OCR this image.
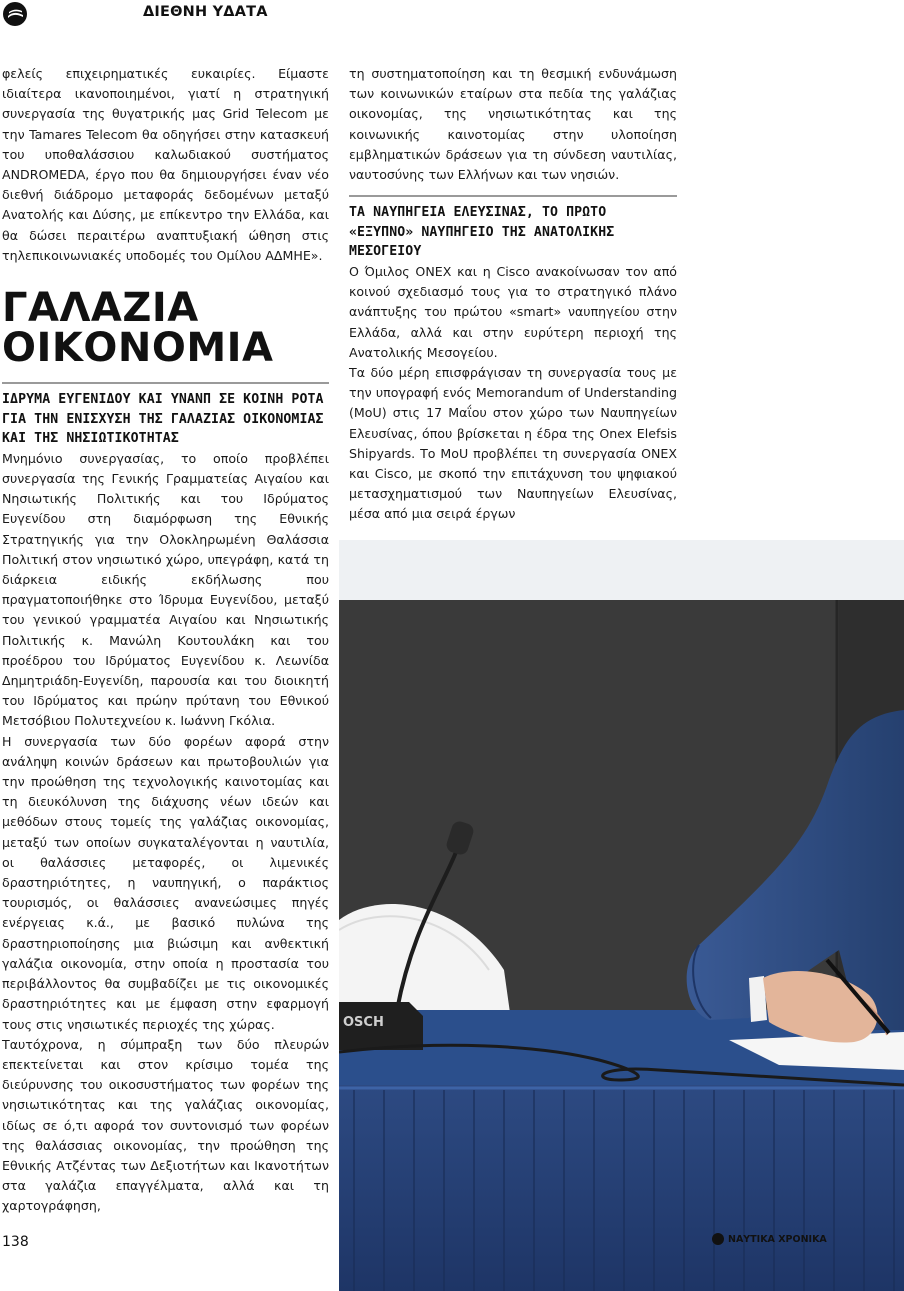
ΔΙΕΘΝΗ ΥΔΑΤΑ

φελείς επιχειρηματικές ευκαιρίες. Είμαστε ιδιαίτερα ικανοποιημένοι, γιατί η στρατηγική συνεργασία της θυγατρικής μας Grid Telecom με την Tamares Telecom θα οδηγήσει στην κατασκευή του υποθαλάσσιου καλωδιακού συστήματος ANDROMEDA, έργο που θα δημιουργήσει έναν νέο διεθνή διάδρομο μεταφοράς δεδομένων μεταξύ Ανατολής και Δύσης, με επίκεντρο την Ελλάδα, και θα δώσει περαιτέρω αναπτυξιακή ώθηση στις τηλεπικοινωνιακές υποδομές του Ομίλου ΑΔΜΗΕ».

ΓΑΛΑΖΙΑ
ΟΙΚΟΝΟΜΙΑ
ΙΔΡΥΜΑ ΕΥΓΕΝΙΔΟΥ ΚΑΙ ΥΝΑΝΠ ΣΕ ΚΟΙΝΗ ΡΟΤΑ ΓΙΑ ΤΗΝ ΕΝΙΣΧΥΣΗ ΤΗΣ ΓΑΛΑΖΙΑΣ ΟΙΚΟΝΟΜΙΑΣ ΚΑΙ ΤΗΣ ΝΗΣΙΩΤΙΚΟΤΗΤΑΣ

Μνημόνιο συνεργασίας, το οποίο προβλέπει συνεργασία της Γενικής Γραμματείας Αιγαίου και Νησιωτικής Πολιτικής και του Ιδρύματος Ευγενίδου στη διαμόρφωση της Εθνικής Στρατηγικής για την Ολοκληρωμένη Θαλάσσια Πολιτική στον νησιωτικό χώρο, υπεγράφη, κατά τη διάρκεια ειδικής εκδήλωσης που πραγματοποιήθηκε στο Ίδρυμα Ευγενίδου, μεταξύ του γενικού γραμματέα Αιγαίου και Νησιωτικής Πολιτικής κ. Μανώλη Κουτουλάκη και του προέδρου του Ιδρύματος Ευγενίδου κ. Λεωνίδα Δημητριάδη-Ευγενίδη, παρουσία και του διοικητή του Ιδρύματος και πρώην πρύτανη του Εθνικού Μετσόβιου Πολυτεχνείου κ. Ιωάννη Γκόλια.

Η συνεργασία των δύο φορέων αφορά στην ανάληψη κοινών δράσεων και πρωτοβουλιών για την προώθηση της τεχνολογικής καινοτομίας και τη διευκόλυνση της διάχυσης νέων ιδεών και μεθόδων στους τομείς της γαλάζιας οικονομίας, μεταξύ των οποίων συγκαταλέγονται η ναυτιλία, οι θαλάσσιες μεταφορές, οι λιμενικές δραστηριότητες, η ναυπηγική, ο παράκτιος τουρισμός, οι θαλάσσιες ανανεώσιμες πηγές ενέργειας κ.ά., με βασικό πυλώνα της δραστηριοποίησης μια βιώσιμη και ανθεκτική γαλάζια οικονομία, στην οποία η προστασία του περιβάλλοντος θα συμβαδίζει με τις οικονομικές δραστηριότητες και με έμφαση στην εφαρμογή τους στις νησιωτικές περιοχές της χώρας.

Ταυτόχρονα, η σύμπραξη των δύο πλευρών επεκτείνεται και στον κρίσιμο τομέα της διεύρυνσης του οικοσυστήματος των φορέων της νησιωτικότητας και της γαλάζιας οικονομίας, ιδίως σε ό,τι αφορά τον συντονισμό των φορέων της θαλάσσιας οικονομίας, την προώθηση της Εθνικής Ατζέντας των Δεξιοτήτων και Ικανοτήτων στα γαλάζια επαγγέλματα, αλλά και τη χαρτογράφηση,

τη συστηματοποίηση και τη θεσμική ενδυνάμωση των κοινωνικών εταίρων στα πεδία της γαλάζιας οικονομίας, της νησιωτικότητας και της κοινωνικής καινοτομίας στην υλοποίηση εμβληματικών δράσεων για τη σύνδεση ναυτιλίας, ναυτοσύνης των Ελλήνων και των νησιών.

ΤΑ ΝΑΥΠΗΓΕΙΑ ΕΛΕΥΣΙΝΑΣ, ΤΟ ΠΡΩΤΟ «ΕΞΥΠΝΟ» ΝΑΥΠΗΓΕΙΟ ΤΗΣ ΑΝΑΤΟΛΙΚΗΣ ΜΕΣΟΓΕΙΟΥ

Ο Όμιλος ONEX και η Cisco ανακοίνωσαν τον από κοινού σχεδιασμό τους για το στρατηγικό πλάνο ανάπτυξης του πρώτου «smart» ναυπηγείου στην Ελλάδα, αλλά και στην ευρύτερη περιοχή της Ανατολικής Μεσογείου.

Τα δύο μέρη επισφράγισαν τη συνεργασία τους με την υπογραφή ενός Memorandum of Understanding (MoU) στις 17 Μαΐου στον χώρο των Ναυπηγείων Ελευσίνας, όπου βρίσκεται η έδρα της Onex Elefsis Shipyards. Το MoU προβλέπει τη συνεργασία ONEX και Cisco, με σκοπό την επιτάχυνση του ψηφιακού μετασχηματισμού των Ναυπηγείων Ελευσίνας, μέσα από μια σειρά έργων

OSCH
138	ΝΑΥΤΙΚΑ ΧΡΟΝΙΚΑ
